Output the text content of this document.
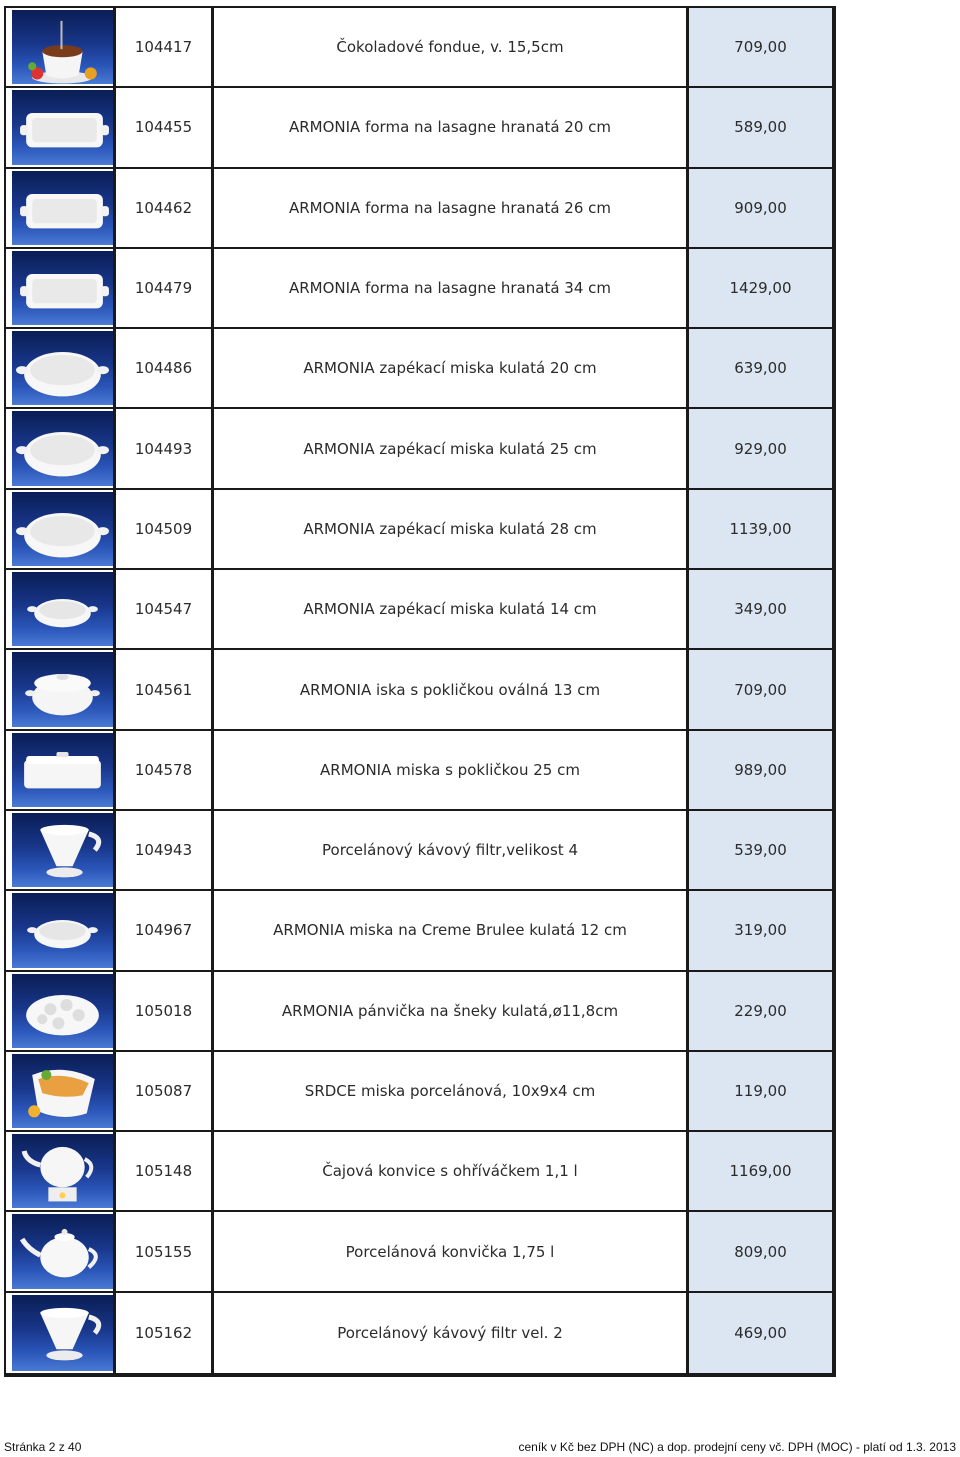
104417	Čokoladové fondue, v. 15,5cm	709,00
104455	ARMONIA forma na lasagne hranatá 20 cm	589,00
104462	ARMONIA forma na lasagne hranatá 26 cm	909,00
104479	ARMONIA forma na lasagne hranatá 34 cm	1429,00
104486	ARMONIA zapékací miska kulatá 20 cm	639,00
104493	ARMONIA zapékací miska kulatá 25 cm	929,00
104509	ARMONIA zapékací miska kulatá 28 cm	1139,00
104547	ARMONIA zapékací miska kulatá 14 cm	349,00
104561	ARMONIA iska s pokličkou oválná 13 cm	709,00
104578	ARMONIA miska s pokličkou 25 cm	989,00
104943	Porcelánový kávový filtr,velikost 4	539,00
104967	ARMONIA miska na Creme Brulee kulatá 12 cm	319,00
105018	ARMONIA pánvička na šneky kulatá,ø11,8cm	229,00
105087	SRDCE miska porcelánová, 10x9x4 cm	119,00
105148	Čajová konvice s ohříváčkem 1,1 l	1169,00
105155	Porcelánová konvička 1,75 l	809,00
105162	Porcelánový kávový filtr vel. 2	469,00
Stránka 2 z 40	ceník v Kč bez DPH (NC) a dop. prodejní ceny vč. DPH (MOC) - platí od 1.3. 2013
